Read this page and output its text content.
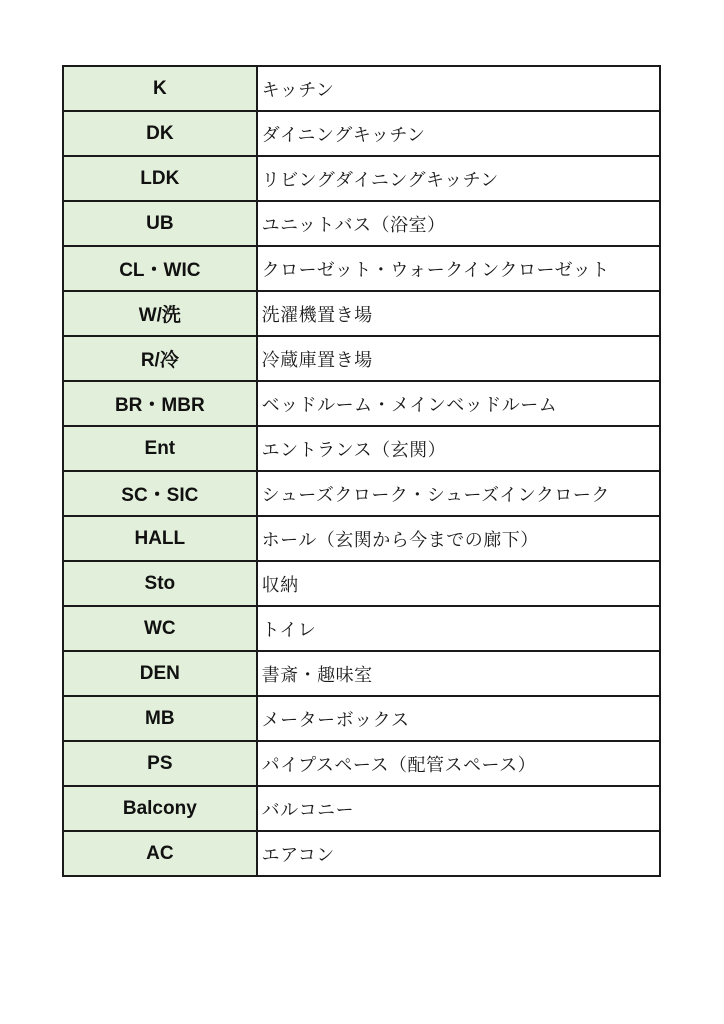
K	キッチン
DK	ダイニングキッチン
LDK	リビングダイニングキッチン
UB	ユニットバス（浴室）
CL・WIC	クローゼット・ウォークインクローゼット
W/洗	洗濯機置き場
R/冷	冷蔵庫置き場
BR・MBR	ベッドルーム・メインベッドルーム
Ent	エントランス（玄関）
SC・SIC	シューズクローク・シューズインクローク
HALL	ホール（玄関から今までの廊下）
Sto	収納
WC	トイレ
DEN	書斎・趣味室
MB	メーターボックス
PS	パイプスペース（配管スペース）
Balcony	バルコニー
AC	エアコン
